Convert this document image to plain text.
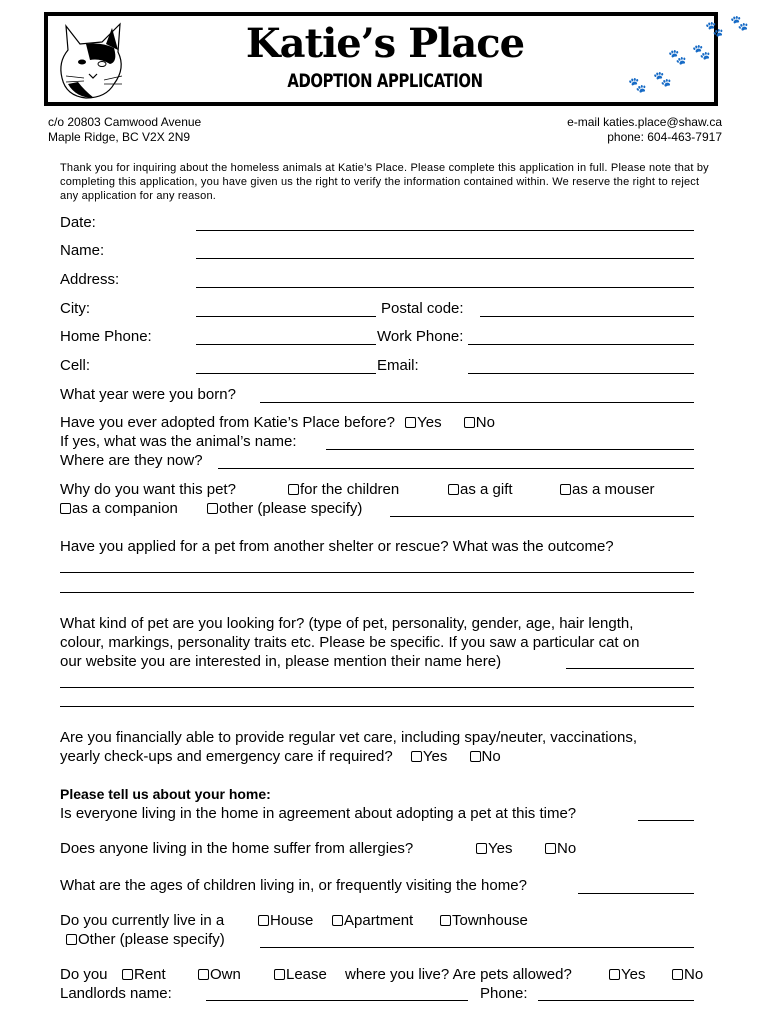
🐾 🐾
🐾 🐾
🐾 🐾
Katie’s Place
ADOPTION APPLICATION
c/o 20803 Camwood Avenue
Maple Ridge, BC V2X 2N9
e-mail katies.place@shaw.ca
phone: 604-463-7917
Thank you for inquiring about the homeless animals at Katie’s Place. Please complete this application in full. Please note that by completing this application, you have given us the right to verify the information contained within. We reserve the right to reject any application for any reason.
Date:
Name:
Address:
City:	Postal code:
Home Phone:	Work Phone:
Cell:	Email:
What year were you born?
Have you ever adopted from Katie’s Place before? Yes No
If yes, what was the animal’s name:
Where are they now?
Why do you want this pet?	for the children	as a gift	as a mouser
as a companion	other (please specify)
Have you applied for a pet from another shelter or rescue? What was the outcome?
What kind of pet are you looking for? (type of pet, personality, gender, age, hair length,
colour, markings, personality traits etc. Please be specific. If you saw a particular cat on
our website you are interested in, please mention their name here)
Are you financially able to provide regular vet care, including spay/neuter, vaccinations,
yearly check-ups and emergency care if required? Yes No
Please tell us about your home:
Is everyone living in the home in agreement about adopting a pet at this time?
Does anyone living in the home suffer from allergies?	Yes	No
What are the ages of children living in, or frequently visiting the home?
Do you currently live in a	House	Apartment	Townhouse
Other (please specify)
Do you	Rent	Own	Lease where you live? Are pets allowed?	Yes	No
Landlords name:	Phone:
